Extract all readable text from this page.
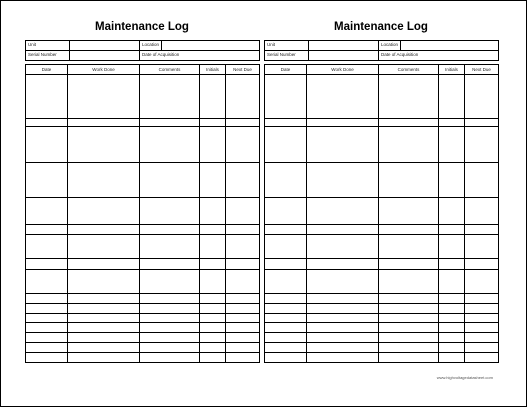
Maintenance Log
Unit		Location	
Serial Number		Date of Acquisition	
Date	Work Done	Comments	Initials	Next Due

Maintenance Log
Unit		Location	
Serial Number		Date of Acquisition	
Date	Work Done	Comments	Initials	Next Due

www.highvoltagedatasheet.com
